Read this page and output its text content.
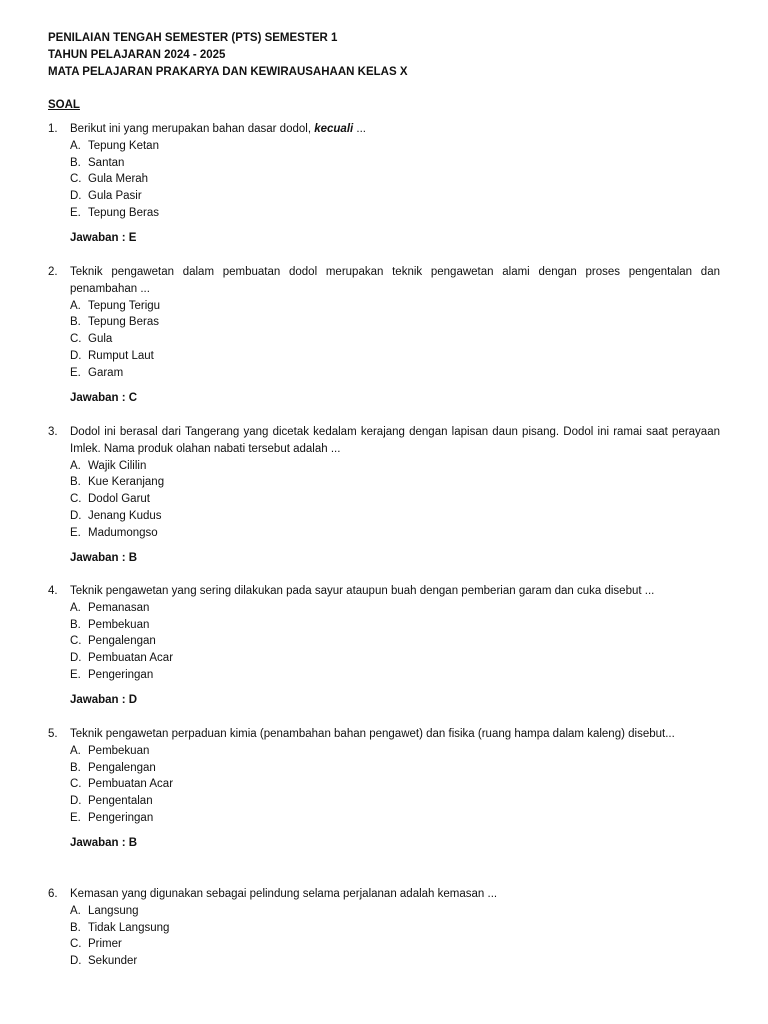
PENILAIAN TENGAH SEMESTER (PTS) SEMESTER 1
TAHUN PELAJARAN 2024 - 2025
MATA PELAJARAN PRAKARYA DAN KEWIRAUSAHAAN KELAS X
SOAL
1.	Berikut ini yang merupakan bahan dasar dodol, kecuali ...
A. Tepung Ketan
B. Santan
C. Gula Merah
D. Gula Pasir
E. Tepung Beras
Jawaban : E
2.	Teknik pengawetan dalam pembuatan dodol merupakan teknik pengawetan alami dengan proses pengentalan dan penambahan ...
A. Tepung Terigu
B. Tepung Beras
C. Gula
D. Rumput Laut
E. Garam
Jawaban : C
3.	Dodol ini berasal dari Tangerang yang dicetak kedalam kerajang dengan lapisan daun pisang. Dodol ini ramai saat perayaan Imlek. Nama produk olahan nabati tersebut adalah ...
A. Wajik Cililin
B. Kue Keranjang
C. Dodol Garut
D. Jenang Kudus
E. Madumongso
Jawaban : B
4.	Teknik pengawetan yang sering dilakukan pada sayur ataupun buah dengan pemberian garam dan cuka disebut ...
A. Pemanasan
B. Pembekuan
C. Pengalengan
D. Pembuatan Acar
E. Pengeringan
Jawaban : D
5.	Teknik pengawetan perpaduan kimia (penambahan bahan pengawet) dan fisika (ruang hampa dalam kaleng) disebut...
A. Pembekuan
B. Pengalengan
C. Pembuatan Acar
D. Pengentalan
E. Pengeringan
Jawaban : B
6.	Kemasan yang digunakan sebagai pelindung selama perjalanan adalah kemasan ...
A. Langsung
B. Tidak Langsung
C. Primer
D. Sekunder
